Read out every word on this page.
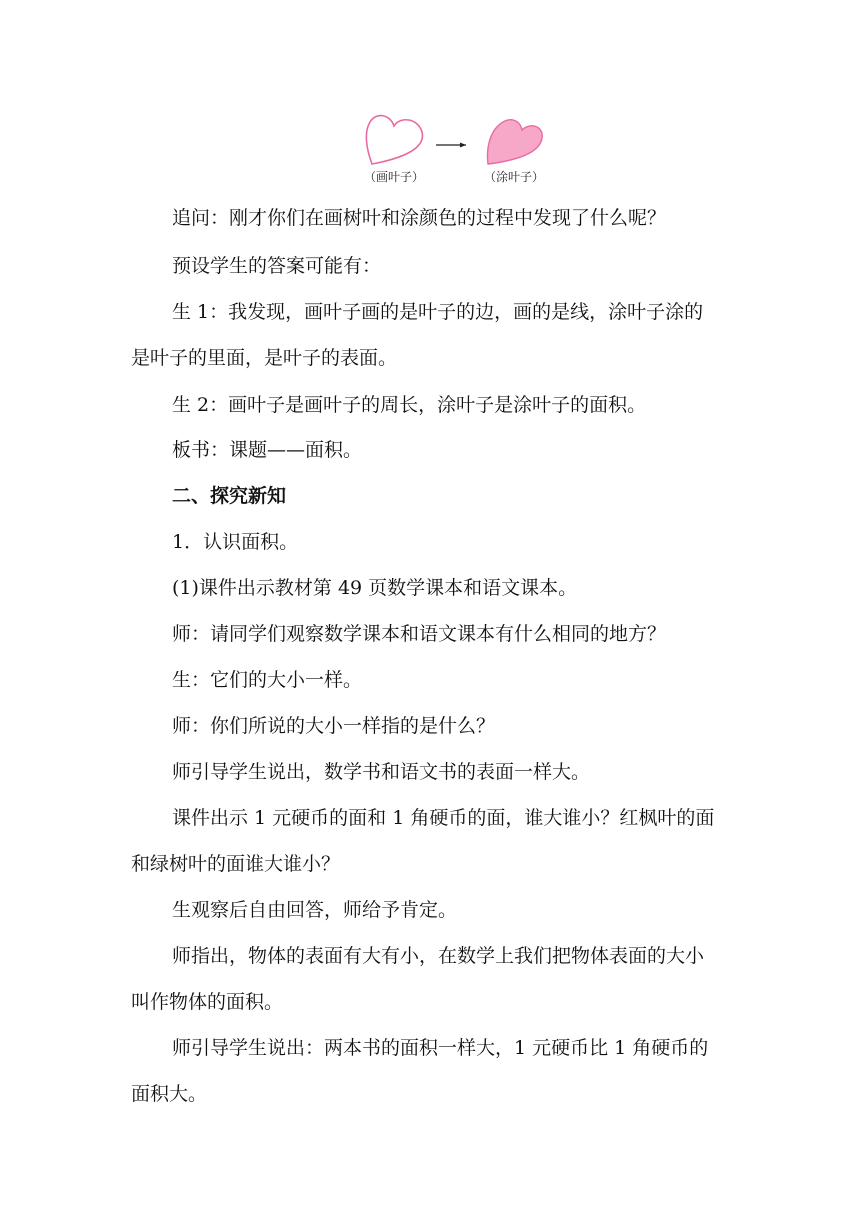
（画叶子）	（涂叶子）
追问：刚才你们在画树叶和涂颜色的过程中发现了什么呢？
预设学生的答案可能有：
生 1：我发现，画叶子画的是叶子的边，画的是线，涂叶子涂的
是叶子的里面，是叶子的表面。
生 2：画叶子是画叶子的周长，涂叶子是涂叶子的面积。
板书：课题——面积。
二、探究新知
1．认识面积。
(1)课件出示教材第 49 页数学课本和语文课本。
师：请同学们观察数学课本和语文课本有什么相同的地方？
生：它们的大小一样。
师：你们所说的大小一样指的是什么？
师引导学生说出，数学书和语文书的表面一样大。
课件出示 1 元硬币的面和 1 角硬币的面，谁大谁小？红枫叶的面
和绿树叶的面谁大谁小？
生观察后自由回答，师给予肯定。
师指出，物体的表面有大有小，在数学上我们把物体表面的大小
叫作物体的面积。
师引导学生说出：两本书的面积一样大，1 元硬币比 1 角硬币的
面积大。
